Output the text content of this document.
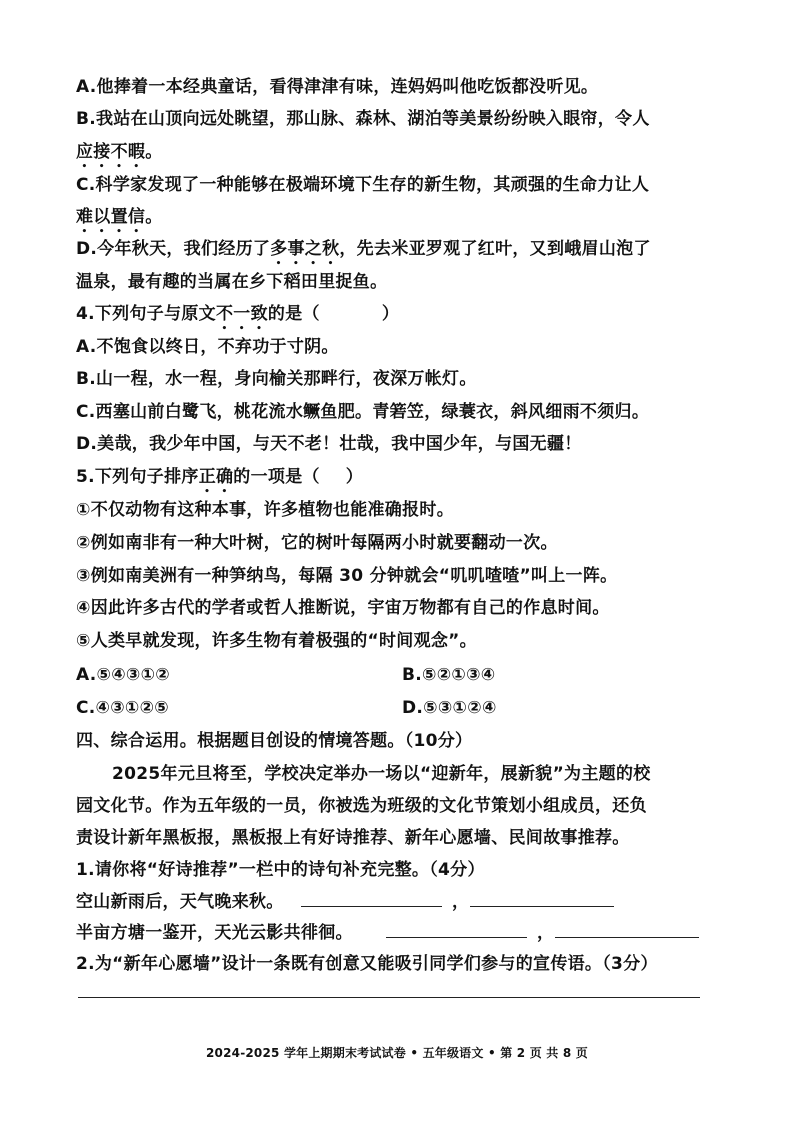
A.他捧着一本经典童话，看得津津有味，连妈妈叫他吃饭都没听见。
B.我站在山顶向远处眺望，那山脉、森林、湖泊等美景纷纷映入眼帘，令人
应接不暇。
C.科学家发现了一种能够在极端环境下生存的新生物，其顽强的生命力让人
难以置信。
D.今年秋天，我们经历了多事之秋，先去米亚罗观了红叶，又到峨眉山泡了
温泉，最有趣的当属在乡下稻田里捉鱼。
4.下列句子与原文不一致的是（	）
A.不饱食以终日，不弃功于寸阴。
B.山一程，水一程，身向榆关那畔行，夜深万帐灯。
C.西塞山前白鹭飞，桃花流水鳜鱼肥。青箬笠，绿蓑衣，斜风细雨不须归。
D.美哉，我少年中国，与天不老！壮哉，我中国少年，与国无疆！
5.下列句子排序正确的一项是（ ）
①不仅动物有这种本事，许多植物也能准确报时。
②例如南非有一种大叶树，它的树叶每隔两小时就要翻动一次。
③例如南美洲有一种笋纳鸟，每隔 30 分钟就会“叽叽喳喳”叫上一阵。
④因此许多古代的学者或哲人推断说，宇宙万物都有自己的作息时间。
⑤人类早就发现，许多生物有着极强的“时间观念”。
A.⑤④③①②	B.⑤②①③④
C.④③①②⑤	D.⑤③①②④
四、综合运用。根据题目创设的情境答题。（10分）
2025年元旦将至，学校决定举办一场以“迎新年，展新貌”为主题的校
园文化节。作为五年级的一员，你被选为班级的文化节策划小组成员，还负
责设计新年黑板报，黑板报上有好诗推荐、新年心愿墙、民间故事推荐。
1.请你将“好诗推荐”一栏中的诗句补充完整。（4分）
空山新雨后，天气晚来秋。	，
半亩方塘一鉴开，天光云影共徘徊。	，
2.为“新年心愿墙”设计一条既有创意又能吸引同学们参与的宣传语。（3分）
2024-2025 学年上期期末考试试卷 • 五年级语文 • 第 2 页 共 8 页
